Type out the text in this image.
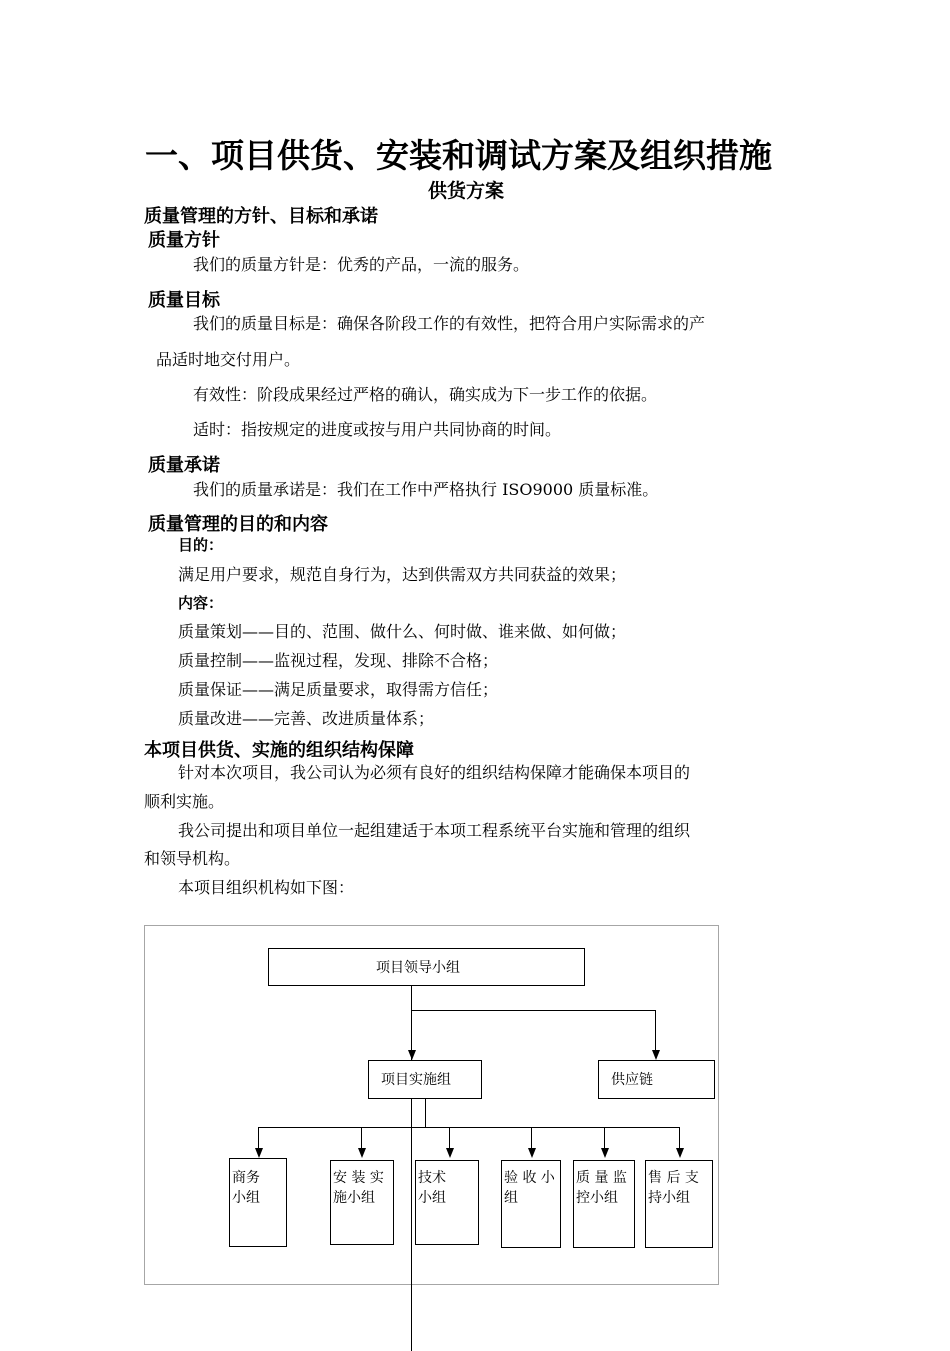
一、项目供货、安装和调试方案及组织措施
供货方案
质量管理的方针、目标和承诺
质量方针
我们的质量方针是：优秀的产品，一流的服务。
质量目标
我们的质量目标是：确保各阶段工作的有效性，把符合用户实际需求的产
品适时地交付用户。
有效性：阶段成果经过严格的确认，确实成为下一步工作的依据。
适时：指按规定的进度或按与用户共同协商的时间。
质量承诺
我们的质量承诺是：我们在工作中严格执行 ISO9000 质量标准。
质量管理的目的和内容
目的：
满足用户要求，规范自身行为，达到供需双方共同获益的效果；
内容：
质量策划——目的、范围、做什么、何时做、谁来做、如何做；
质量控制——监视过程，发现、排除不合格；
质量保证——满足质量要求，取得需方信任；
质量改进——完善、改进质量体系；
本项目供货、实施的组织结构保障
针对本次项目，我公司认为必须有良好的组织结构保障才能确保本项目的
顺利实施。
我公司提出和项目单位一起组建适于本项工程系统平台实施和管理的组织
和领导机构。
本项目组织机构如下图：
项目领导小组
项目实施组	供应链
商务
小组
安 装 实
施小组
技术
小组
验 收 小
组
质 量 监
控小组
售 后 支
持小组
